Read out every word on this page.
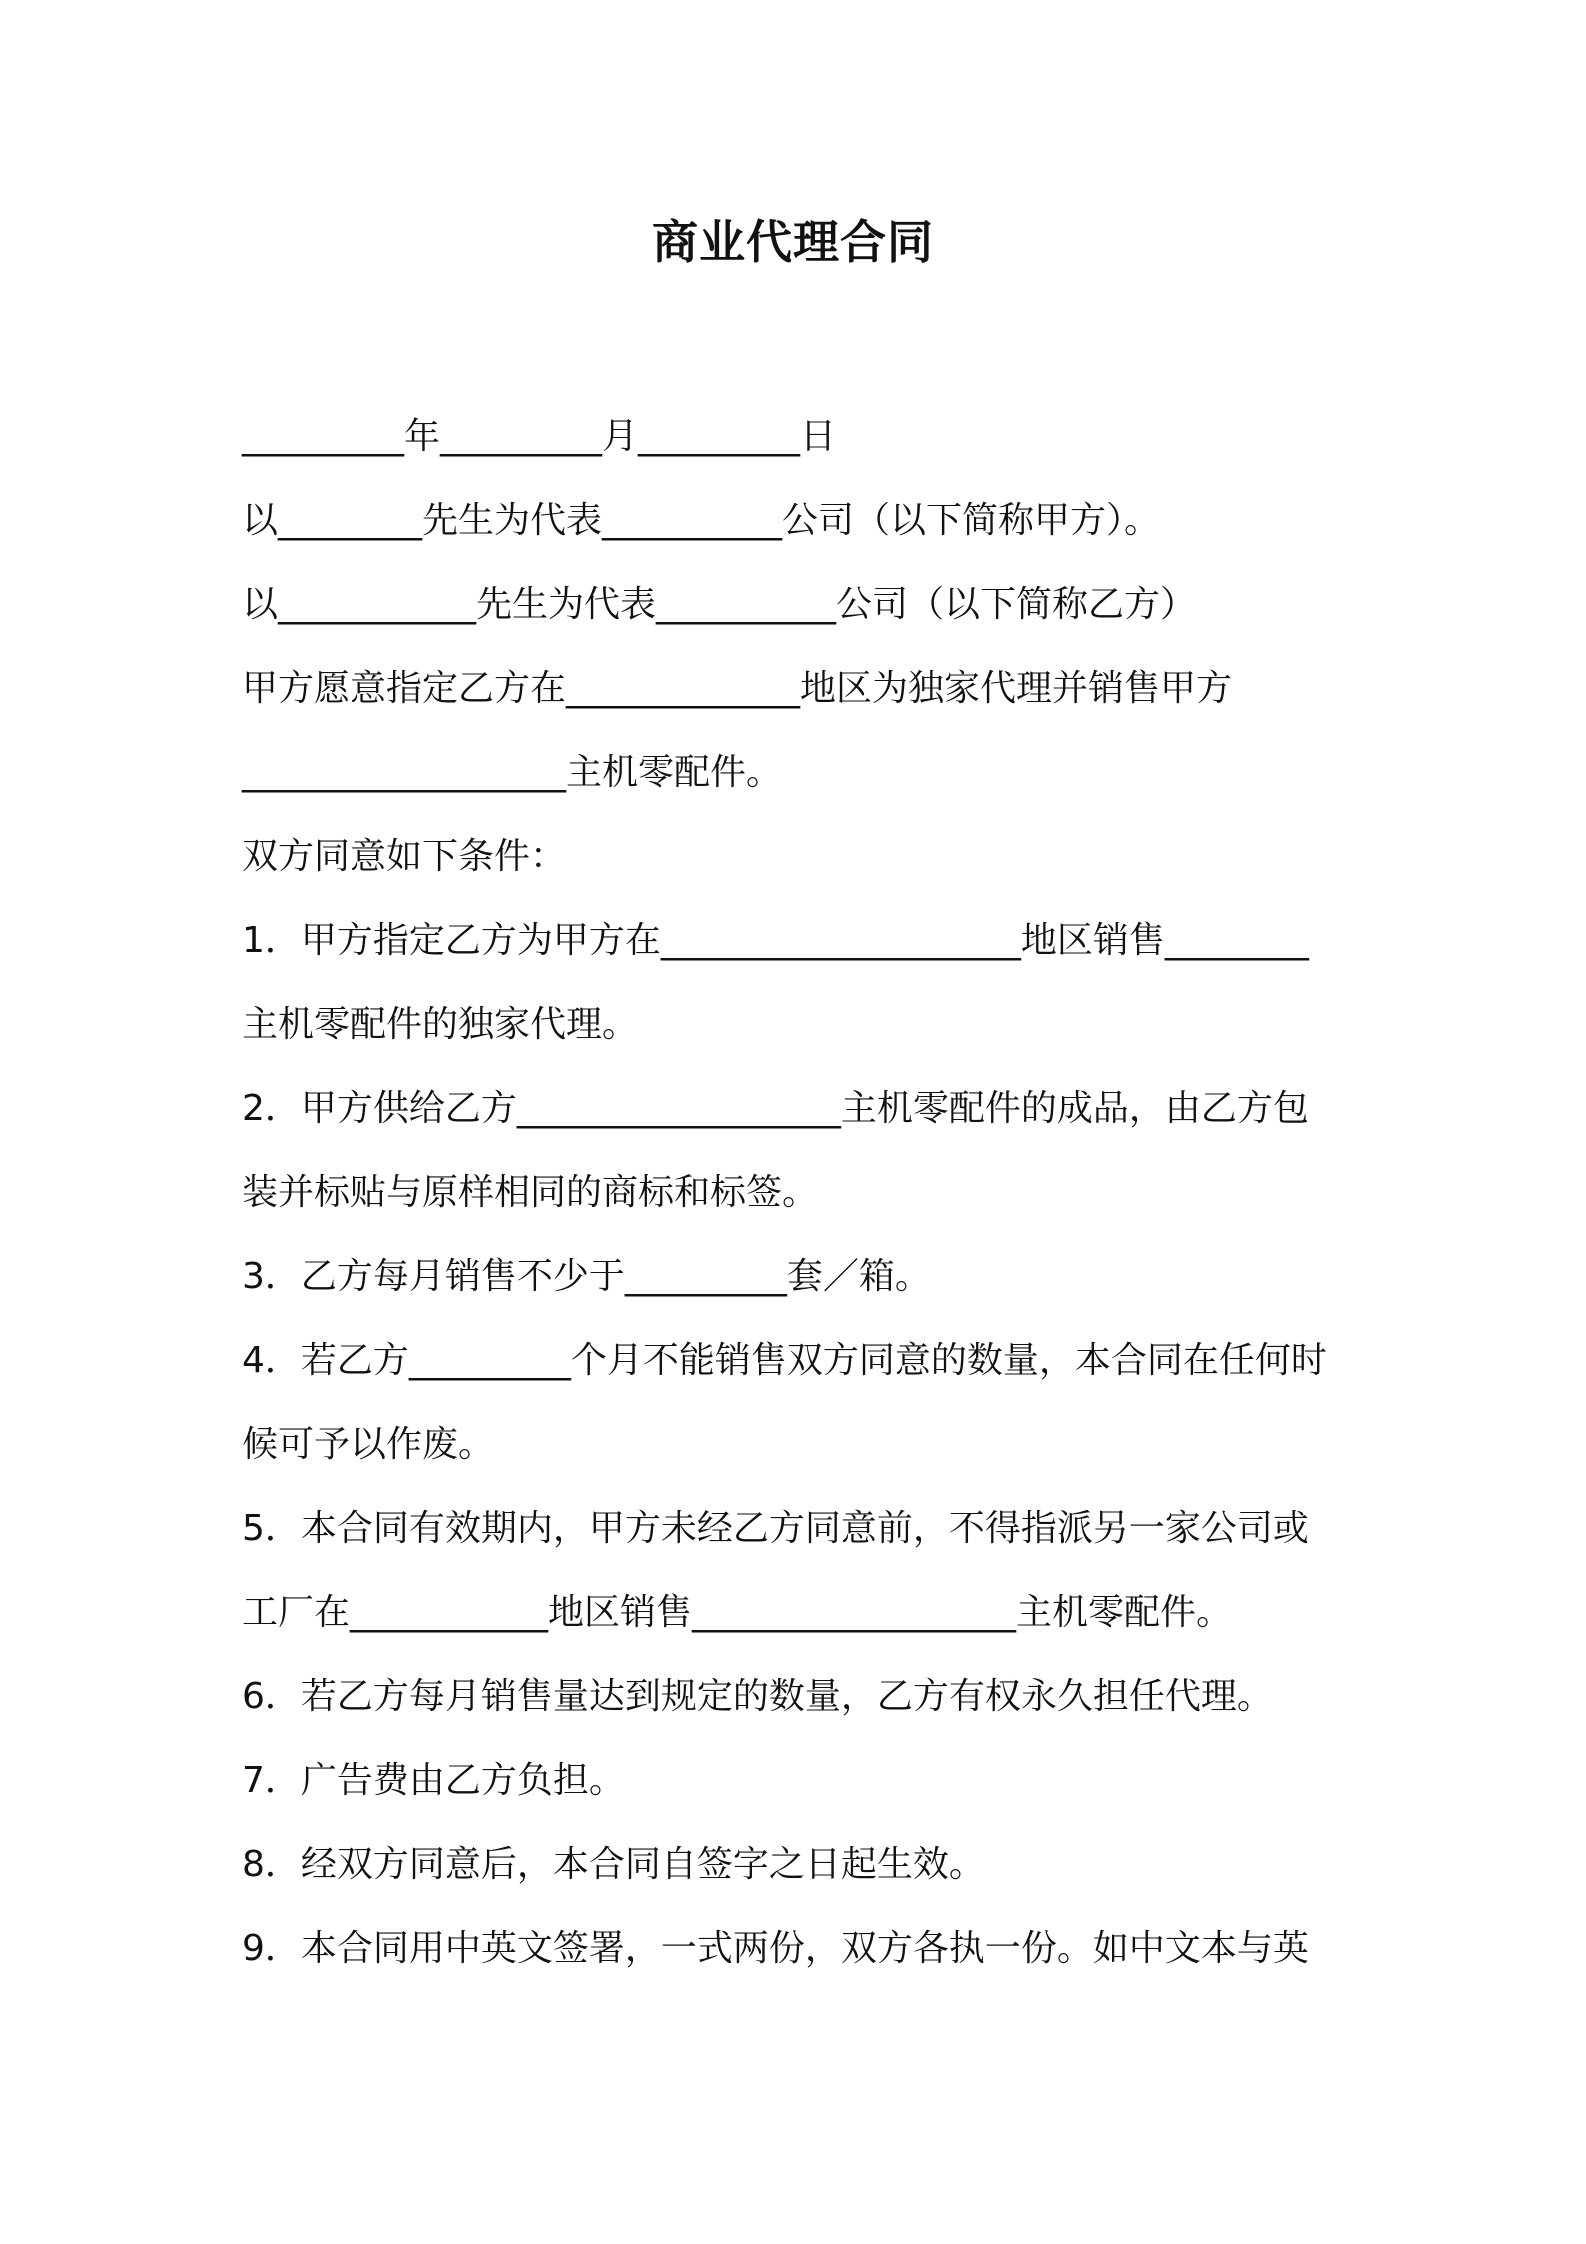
商业代理合同
_________年_________月_________日
以________先生为代表__________公司（以下简称甲方）。
以___________先生为代表__________公司（以下简称乙方）
甲方愿意指定乙方在_____________地区为独家代理并销售甲方
__________________主机零配件。
双方同意如下条件：
1．甲方指定乙方为甲方在____________________地区销售________
主机零配件的独家代理。
2．甲方供给乙方__________________主机零配件的成品，由乙方包
装并标贴与原样相同的商标和标签。
3．乙方每月销售不少于_________套／箱。
4．若乙方_________个月不能销售双方同意的数量，本合同在任何时
候可予以作废。
5．本合同有效期内，甲方未经乙方同意前，不得指派另一家公司或
工厂在___________地区销售__________________主机零配件。
6．若乙方每月销售量达到规定的数量，乙方有权永久担任代理。
7．广告费由乙方负担。
8．经双方同意后，本合同自签字之日起生效。
9．本合同用中英文签署，一式两份，双方各执一份。如中文本与英
